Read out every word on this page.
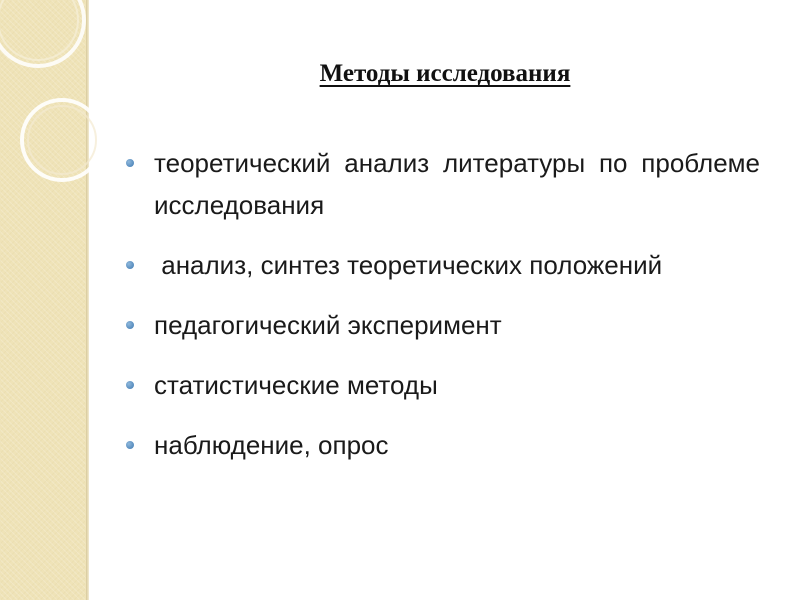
Методы исследования
теоретический анализ литературы по проблеме исследования
анализ, синтез теоретических положений
педагогический эксперимент
статистические методы
наблюдение, опрос
